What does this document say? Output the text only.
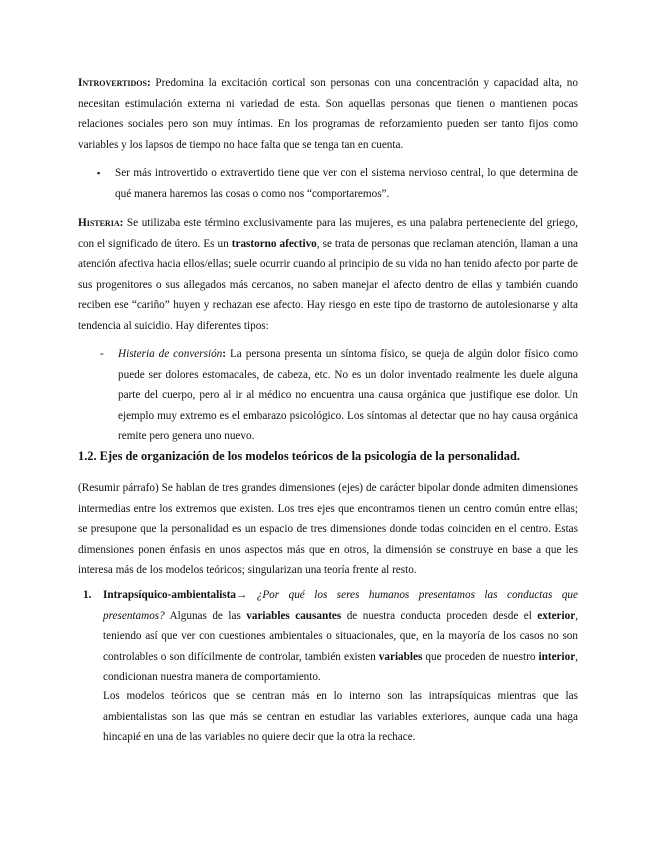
Introvertidos: Predomina la excitación cortical son personas con una concentración y capacidad alta, no necesitan estimulación externa ni variedad de esta. Son aquellas personas que tienen o mantienen pocas relaciones sociales pero son muy íntimas. En los programas de reforzamiento pueden ser tanto fijos como variables y los lapsos de tiempo no hace falta que se tenga tan en cuenta.
▪ Ser más introvertido o extravertido tiene que ver con el sistema nervioso central, lo que determina de qué manera haremos las cosas o como nos “comportaremos”.
Histeria: Se utilizaba este término exclusivamente para las mujeres, es una palabra perteneciente del griego, con el significado de útero. Es un trastorno afectivo, se trata de personas que reclaman atención, llaman a una atención afectiva hacia ellos/ellas; suele ocurrir cuando al principio de su vida no han tenido afecto por parte de sus progenitores o sus allegados más cercanos, no saben manejar el afecto dentro de ellas y también cuando reciben ese “cariño” huyen y rechazan ese afecto. Hay riesgo en este tipo de trastorno de autolesionarse y alta tendencia al suicidio. Hay diferentes tipos:
- Histeria de conversión: La persona presenta un síntoma físico, se queja de algún dolor físico como puede ser dolores estomacales, de cabeza, etc. No es un dolor inventado realmente les duele alguna parte del cuerpo, pero al ir al médico no encuentra una causa orgánica que justifique ese dolor. Un ejemplo muy extremo es el embarazo psicológico. Los síntomas al detectar que no hay causa orgánica remite pero genera uno nuevo.
1.2. Ejes de organización de los modelos teóricos de la psicología de la personalidad.
(Resumir párrafo) Se hablan de tres grandes dimensiones (ejes) de carácter bipolar donde admiten dimensiones intermedias entre los extremos que existen. Los tres ejes que encontramos tienen un centro común entre ellas; se presupone que la personalidad es un espacio de tres dimensiones donde todas coinciden en el centro. Estas dimensiones ponen énfasis en unos aspectos más que en otros, la dimensión se construye en base a que les interesa más de los modelos teóricos; singularizan una teoría frente al resto.
1. Intrapsíquico-ambientalista→ ¿Por qué los seres humanos presentamos las conductas que presentamos? Algunas de las variables causantes de nuestra conducta proceden desde el exterior, teniendo así que ver con cuestiones ambientales o situacionales, que, en la mayoría de los casos no son controlables o son difícilmente de controlar, también existen variables que proceden de nuestro interior, condicionan nuestra manera de comportamiento.
Los modelos teóricos que se centran más en lo interno son las intrapsíquicas mientras que las ambientalistas son las que más se centran en estudiar las variables exteriores, aunque cada una haga hincapié en una de las variables no quiere decir que la otra la rechace.
